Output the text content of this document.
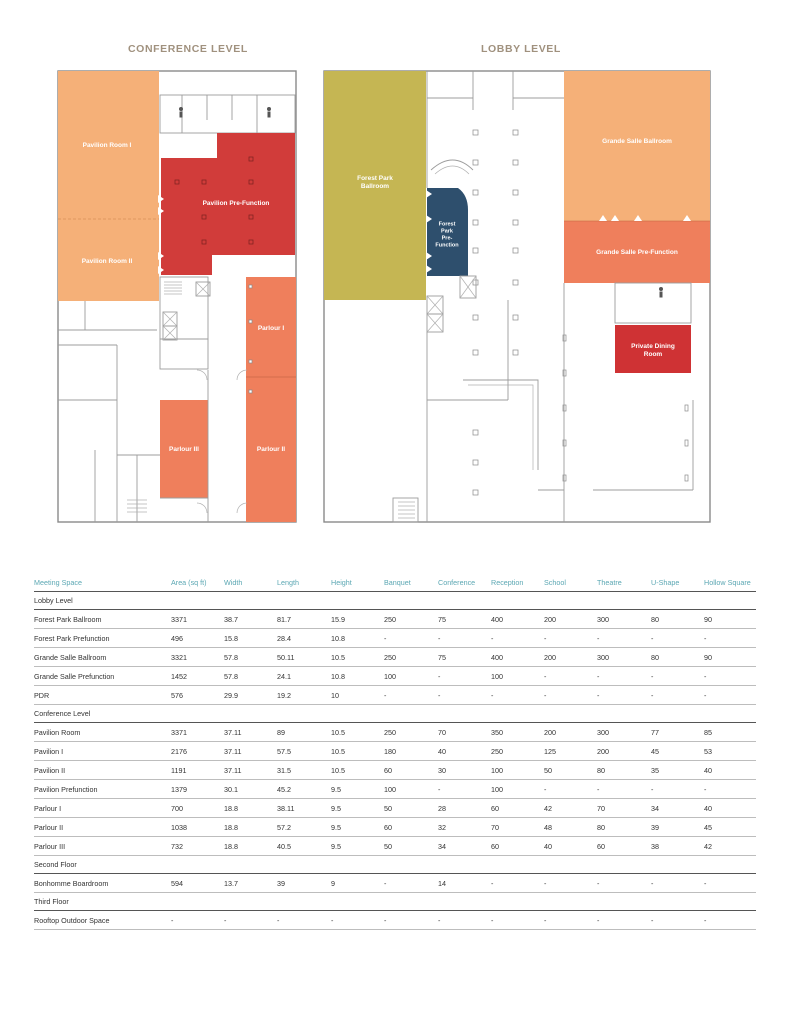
CONFERENCE LEVEL	LOBBY LEVEL
Pavilion Room I
Pavilion Room II
Pavilion Pre-Function
Parlour I
Parlour II
Parlour III
Forest Park Ballroom
Forest Park Pre-Function
Grande Salle Ballroom
Grande Salle Pre-Function
Private Dining Room
Meeting Space	Area (sq ft)	Width	Length	Height	Banquet	Conference	Reception	School	Theatre	U-Shape	Hollow Square
Lobby Level											
Forest Park Ballroom	3371	38.7	81.7	15.9	250	75	400	200	300	80	90
Forest Park Prefunction	496	15.8	28.4	10.8	-	-	-	-	-	-	-
Grande Salle Ballroom	3321	57.8	50.11	10.5	250	75	400	200	300	80	90
Grande Salle Prefunction	1452	57.8	24.1	10.8	100	-	100	-	-	-	-
PDR	576	29.9	19.2	10	-	-	-	-	-	-	-
Conference Level											
Pavilion Room	3371	37.11	89	10.5	250	70	350	200	300	77	85
Pavilion I	2176	37.11	57.5	10.5	180	40	250	125	200	45	53
Pavilion II	1191	37.11	31.5	10.5	60	30	100	50	80	35	40
Pavilion Prefunction	1379	30.1	45.2	9.5	100	-	100	-	-	-	-
Parlour I	700	18.8	38.11	9.5	50	28	60	42	70	34	40
Parlour II	1038	18.8	57.2	9.5	60	32	70	48	80	39	45
Parlour III	732	18.8	40.5	9.5	50	34	60	40	60	38	42
Second Floor											
Bonhomme Boardroom	594	13.7	39	9	-	14	-	-	-	-	-
Third Floor											
Rooftop Outdoor Space	-	-	-	-	-	-	-	-	-	-	-
